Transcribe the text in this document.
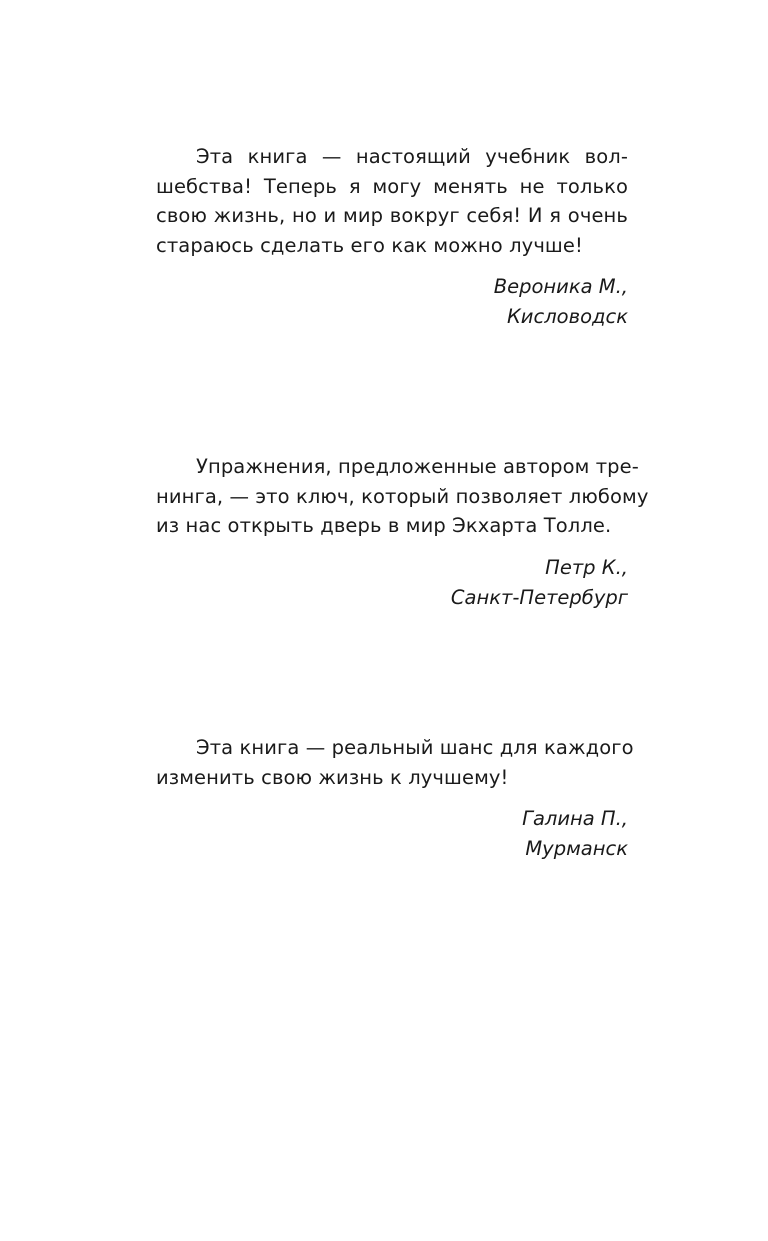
Эта книга — настоящий учебник вол-
шебства! Теперь я могу менять не только
свою жизнь, но и мир вокруг себя! И я очень
стараюсь сделать его как можно лучше!
Вероника М.,
Кисловодск
Упражнения, предложенные автором тре-
нинга, — это ключ, который позволяет любому
из нас открыть дверь в мир Экхарта Толле.
Петр К.,
Санкт-Петербург
Эта книга — реальный шанс для каждого
изменить свою жизнь к лучшему!
Галина П.,
Мурманск
